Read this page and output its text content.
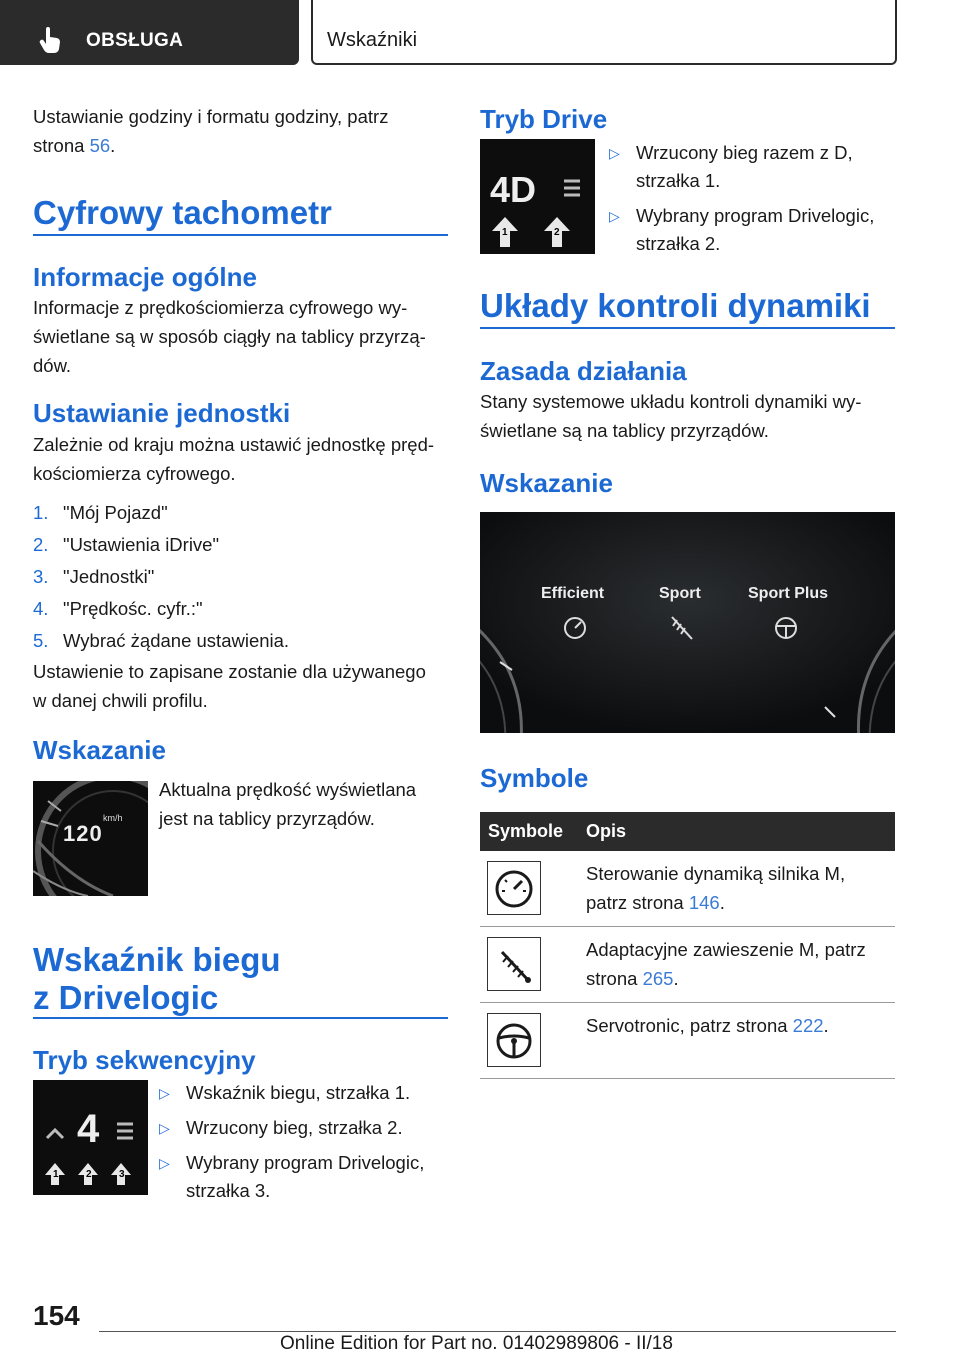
OBSŁUGA	Wskaźniki
Ustawianie godziny i formatu godziny, patrz
strona 56.
Cyfrowy tachometr
Informacje ogólne
Informacje z prędkościomierza cyfrowego wy-
świetlane są w sposób ciągły na tablicy przyrzą-
dów.
Ustawianie jednostki
Zależnie od kraju można ustawić jednostkę pręd-
kościomierza cyfrowego.
1. "Mój Pojazd"
2. "Ustawienia iDrive"
3. "Jednostki"
4. "Prędkośc. cyfr.:"
5. Wybrać żądane ustawienia.
Ustawienie to zapisane zostanie dla używanego
w danej chwili profilu.
Wskazanie
km/h
120
Aktualna prędkość wyświetlana
jest na tablicy przyrządów.
Wskaźnik biegu
z Drivelogic
Tryb sekwencyjny
4
1	2	3
▷ Wskaźnik biegu, strzałka 1.
▷ Wrzucony bieg, strzałka 2.
▷ Wybrany program Drivelogic,
strzałka 3.
Tryb Drive
4D
1	2
▷ Wrzucony bieg razem z D,
strzałka 1.
▷ Wybrany program Drivelogic,
strzałka 2.
Układy kontroli dynamiki
Zasada działania
Stany systemowe układu kontroli dynamiki wy-
świetlane są na tablicy przyrządów.
Wskazanie
Efficient	Sport	Sport Plus
Symbole
Symbole Opis
Sterowanie dynamiką silnika M,
patrz strona 146.
Adaptacyjne zawieszenie M, patrz
strona 265.
Servotronic, patrz strona 222.
154
Online Edition for Part no. 01402989806 - II/18
